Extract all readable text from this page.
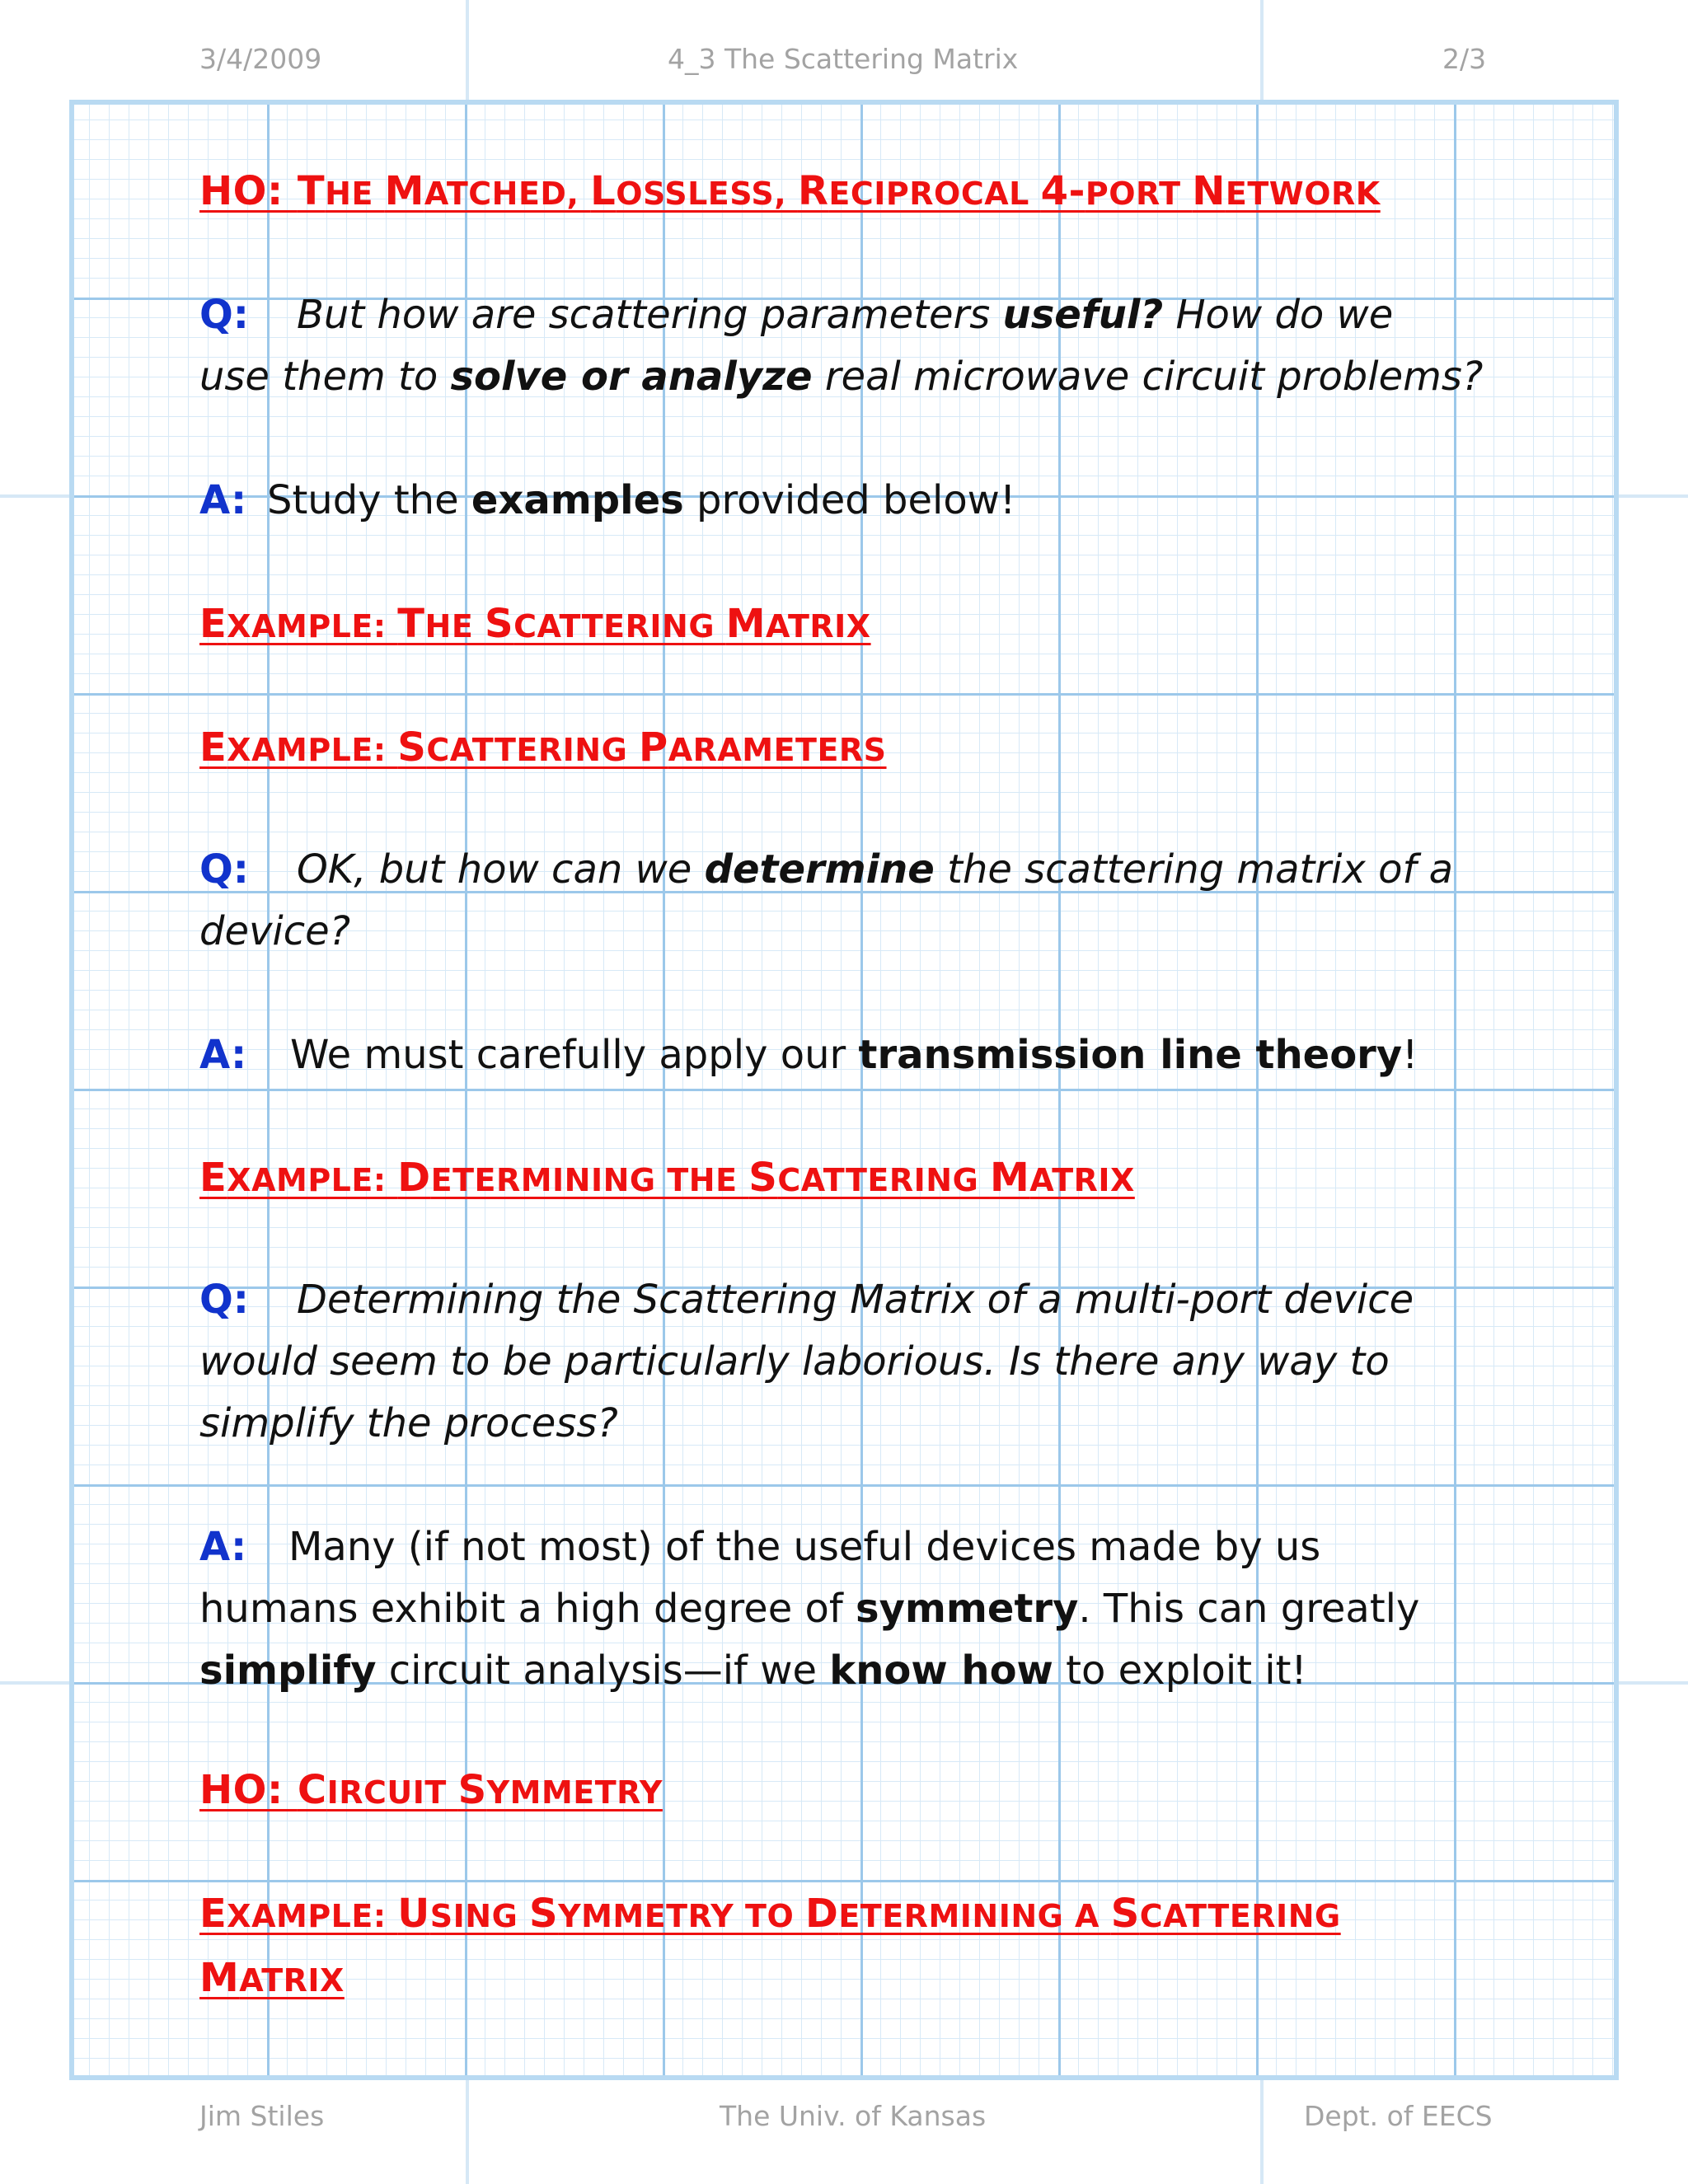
3/4/2009	4_3 The Scattering Matrix	2/3
Jim Stiles	The Univ. of Kansas	Dept. of EECS
HO: THE MATCHED, LOSSLESS, RECIPROCAL 4-PORT NETWORK
Q: But how are scattering parameters useful? How do we
use them to solve or analyze real microwave circuit problems?
A: Study the examples provided below!
EXAMPLE: THE SCATTERING MATRIX
EXAMPLE: SCATTERING PARAMETERS
Q: OK, but how can we determine the scattering matrix of a
device?
A: We must carefully apply our transmission line theory!
EXAMPLE: DETERMINING THE SCATTERING MATRIX
Q: Determining the Scattering Matrix of a multi-port device
would seem to be particularly laborious. Is there any way to
simplify the process?
A: Many (if not most) of the useful devices made by us
humans exhibit a high degree of symmetry. This can greatly
simplify circuit analysis—if we know how to exploit it!
HO: CIRCUIT SYMMETRY
EXAMPLE: USING SYMMETRY TO DETERMINING A SCATTERING
MATRIX
